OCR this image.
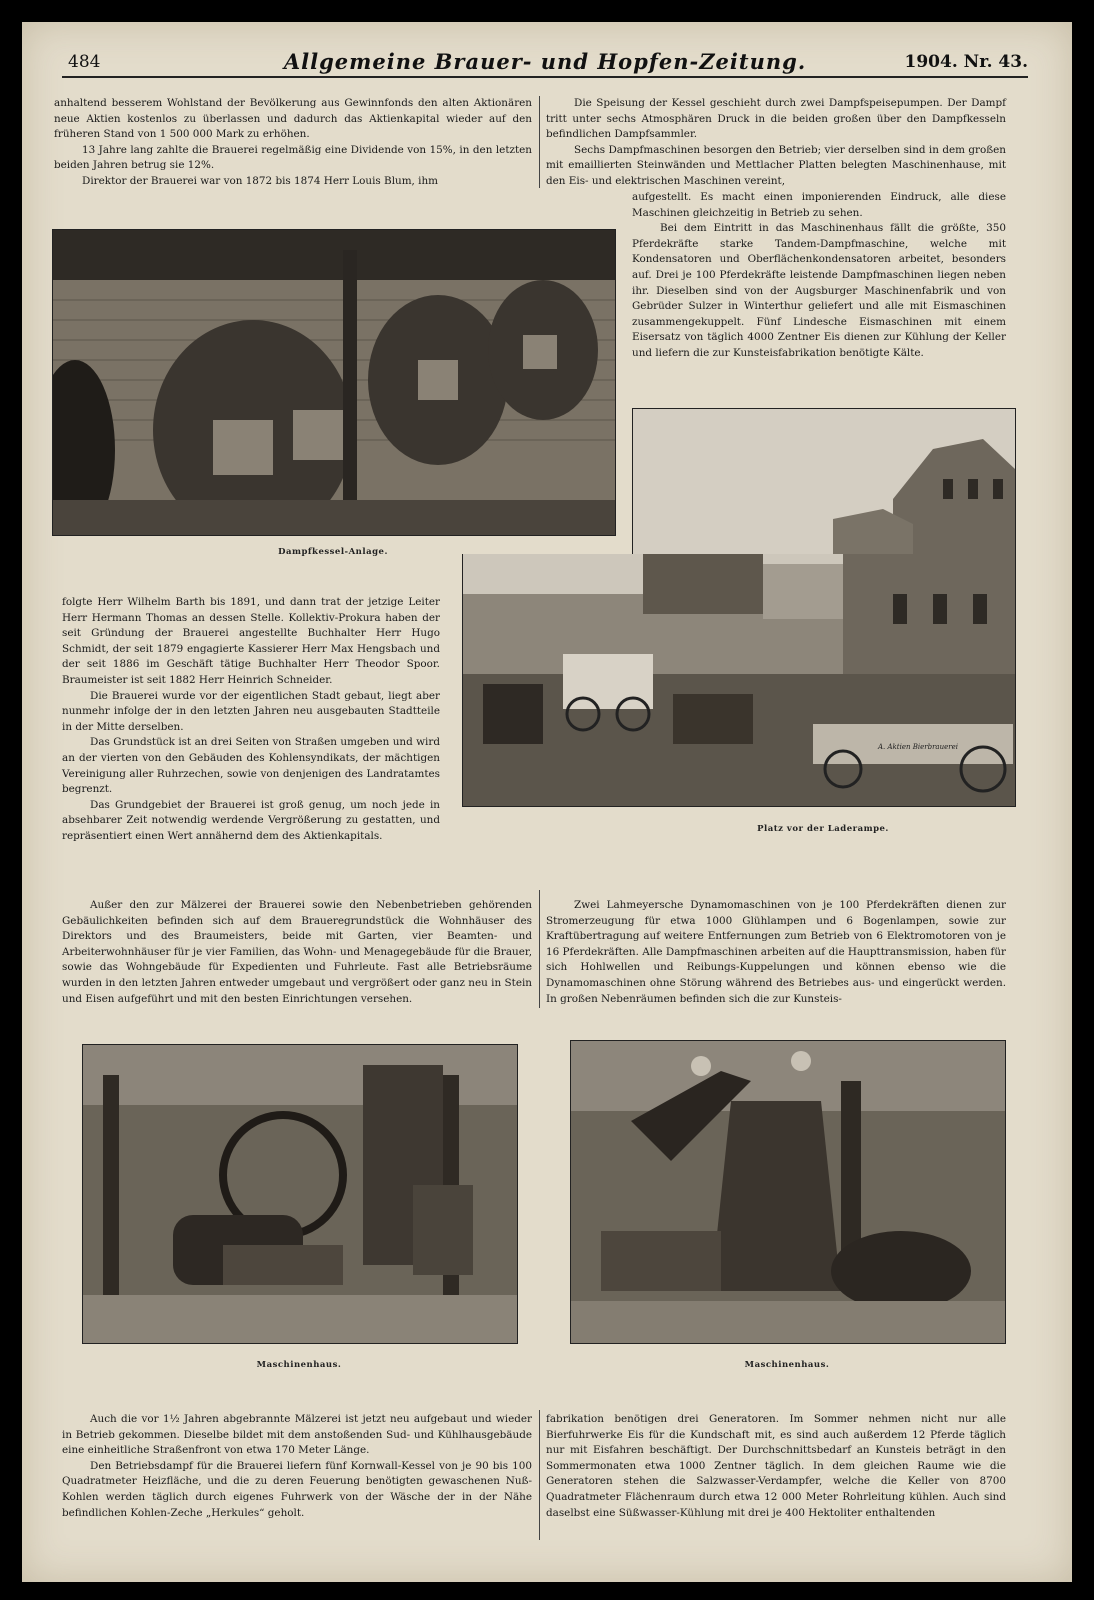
484	Allgemeine Brauer- und Hopfen-Zeitung.	1904. Nr. 43.

anhaltend besserem Wohlstand der Bevölkerung aus Gewinnfonds den alten Aktionären neue Aktien kostenlos zu überlassen und dadurch das Aktienkapital wieder auf den früheren Stand von 1 500 000 Mark zu erhöhen.

13 Jahre lang zahlte die Brauerei regelmäßig eine Dividende von 15%, in den letzten beiden Jahren betrug sie 12%.

Direktor der Brauerei war von 1872 bis 1874 Herr Louis Blum, ihm

Die Speisung der Kessel geschieht durch zwei Dampfspeisepumpen. Der Dampf tritt unter sechs Atmosphären Druck in die beiden großen über den Dampfkesseln befindlichen Dampfsammler.

Sechs Dampfmaschinen besorgen den Betrieb; vier derselben sind in dem großen mit emaillierten Steinwänden und Mettlacher Platten belegten Maschinenhause, mit den Eis- und elektrischen Maschinen vereint,

aufgestellt. Es macht einen imponierenden Eindruck, alle diese Maschinen gleichzeitig in Betrieb zu sehen.

Bei dem Eintritt in das Maschinenhaus fällt die größte, 350 Pferdekräfte starke Tandem-Dampfmaschine, welche mit Kondensatoren und Oberflächenkondensatoren arbeitet, besonders auf. Drei je 100 Pferdekräfte leistende Dampfmaschinen liegen neben ihr. Dieselben sind von der Augsburger Maschinenfabrik und von Gebrüder Sulzer in Winterthur geliefert und alle mit Eismaschinen zusammengekuppelt. Fünf Lindesche Eismaschinen mit einem Eisersatz von täglich 4000 Zentner Eis dienen zur Kühlung der Keller und liefern die zur Kunsteisfabrikation benötigte Kälte.

Dampfkessel-Anlage.
A. Aktien Bierbrauerei
Platz vor der Laderampe.

folgte Herr Wilhelm Barth bis 1891, und dann trat der jetzige Leiter Herr Hermann Thomas an dessen Stelle. Kollektiv-Prokura haben der seit Gründung der Brauerei angestellte Buchhalter Herr Hugo Schmidt, der seit 1879 engagierte Kassierer Herr Max Hengsbach und der seit 1886 im Geschäft tätige Buchhalter Herr Theodor Spoor. Braumeister ist seit 1882 Herr Heinrich Schneider.

Die Brauerei wurde vor der eigentlichen Stadt gebaut, liegt aber nunmehr infolge der in den letzten Jahren neu ausgebauten Stadtteile in der Mitte derselben.

Das Grundstück ist an drei Seiten von Straßen umgeben und wird an der vierten von den Gebäuden des Kohlensyndikats, der mächtigen Vereinigung aller Ruhrzechen, sowie von denjenigen des Landratamtes begrenzt.

Das Grundgebiet der Brauerei ist groß genug, um noch jede in absehbarer Zeit notwendig werdende Vergrößerung zu gestatten, und repräsentiert einen Wert annähernd dem des Aktienkapitals.

Außer den zur Mälzerei der Brauerei sowie den Nebenbetrieben gehörenden Gebäulichkeiten befinden sich auf dem Braueregrundstück die Wohnhäuser des Direktors und des Braumeisters, beide mit Garten, vier Beamten- und Arbeiterwohnhäuser für je vier Familien, das Wohn- und Menagegebäude für die Brauer, sowie das Wohngebäude für Expedienten und Fuhrleute. Fast alle Betriebsräume wurden in den letzten Jahren entweder umgebaut und vergrößert oder ganz neu in Stein und Eisen aufgeführt und mit den besten Einrichtungen versehen.

Zwei Lahmeyersche Dynamomaschinen von je 100 Pferdekräften dienen zur Stromerzeugung für etwa 1000 Glühlampen und 6 Bogenlampen, sowie zur Kraftübertragung auf weitere Entfernungen zum Betrieb von 6 Elektromotoren von je 16 Pferdekräften. Alle Dampfmaschinen arbeiten auf die Haupttransmission, haben für sich Hohlwellen und Reibungs-Kuppelungen und können ebenso wie die Dynamomaschinen ohne Störung während des Betriebes aus- und eingerückt werden. In großen Nebenräumen befinden sich die zur Kunsteis-

Maschinenhaus.	Maschinenhaus.

Auch die vor 1½ Jahren abgebrannte Mälzerei ist jetzt neu aufgebaut und wieder in Betrieb gekommen. Dieselbe bildet mit dem anstoßenden Sud- und Kühlhausgebäude eine einheitliche Straßenfront von etwa 170 Meter Länge.

Den Betriebsdampf für die Brauerei liefern fünf Kornwall-Kessel von je 90 bis 100 Quadratmeter Heizfläche, und die zu deren Feuerung benötigten gewaschenen Nuß-Kohlen werden täglich durch eigenes Fuhrwerk von der Wäsche der in der Nähe befindlichen Kohlen-Zeche „Herkules“ geholt.

fabrikation benötigen drei Generatoren. Im Sommer nehmen nicht nur alle Bierfuhrwerke Eis für die Kundschaft mit, es sind auch außerdem 12 Pferde täglich nur mit Eisfahren beschäftigt. Der Durchschnittsbedarf an Kunsteis beträgt in den Sommermonaten etwa 1000 Zentner täglich. In dem gleichen Raume wie die Generatoren stehen die Salzwasser-Verdampfer, welche die Keller von 8700 Quadratmeter Flächenraum durch etwa 12 000 Meter Rohrleitung kühlen. Auch sind daselbst eine Süßwasser-Kühlung mit drei je 400 Hektoliter enthaltenden
